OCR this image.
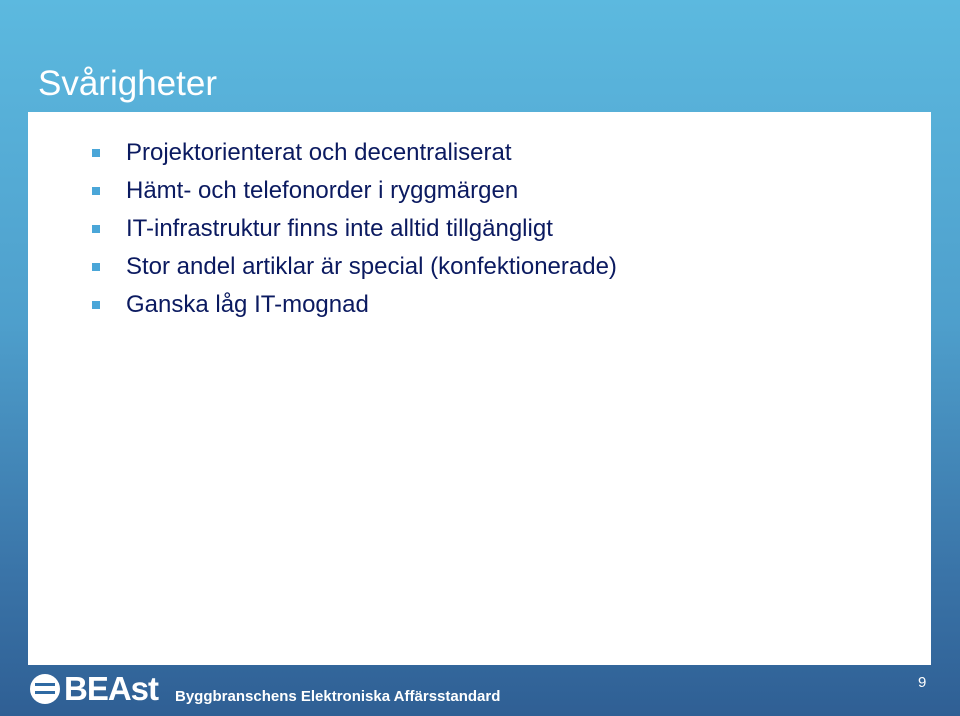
Svårigheter
Projektorienterat och decentraliserat
Hämt- och telefonorder i ryggmärgen
IT-infrastruktur finns inte alltid tillgängligt
Stor andel artiklar är special (konfektionerade)
Ganska låg IT-mognad
BEAst Byggbranschens Elektroniska Affärsstandard
9
